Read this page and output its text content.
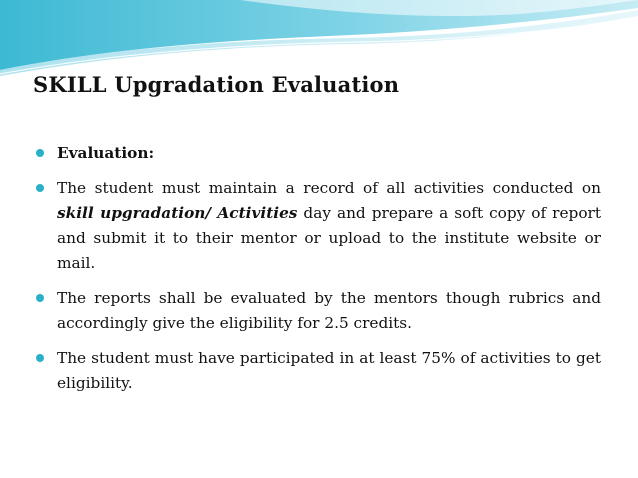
SKILL Upgradation Evaluation
Evaluation:
The student must maintain a record of all activities conducted on skill upgradation/ Activities day and prepare a soft copy of report and submit it to their mentor or upload to the institute website or mail.
The reports shall be evaluated by the mentors though rubrics and accordingly give the eligibility for 2.5 credits.
The student must have participated in at least 75% of activities to get eligibility.
